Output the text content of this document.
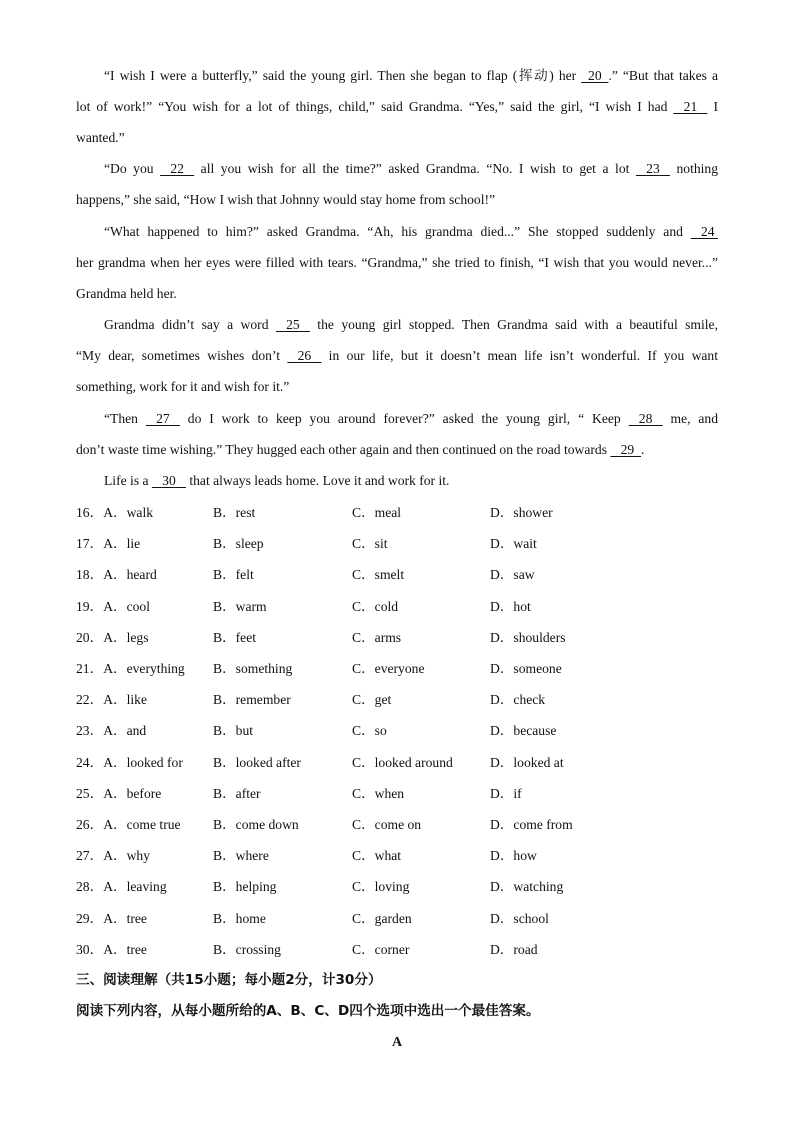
“I wish I were a butterfly,” said the young girl. Then she began to flap (挥动) her   20 .” “But that takes a
lot of work!” “You wish for a lot of things, child,” said Grandma. “Yes,” said the girl, “I wish I had    21    I
wanted.”
“Do you    22    all you wish for all the time?” asked Grandma. “No. I wish to get a lot    23    nothing
happens,” she said, “How I wish that Johnny would stay home from school!”
“What happened to him?” asked Grandma. “Ah, his grandma died...” She stopped suddenly and    24
her grandma when her eyes were filled with tears. “Grandma,” she tried to finish, “I wish that you would never...”
Grandma held her.
Grandma didn’t say a word    25    the young girl stopped. Then Grandma said with a beautiful smile,
“My dear, sometimes wishes don’t    26    in our life, but it doesn’t mean life isn’t wonderful. If you want
something, work for it and wish for it.”
“Then    27    do I work to keep you around forever?” asked the young girl, “ Keep    28    me, and
don’t waste time wishing.” They hugged each other again and then continued on the road towards    29 .
Life is a    30    that always leads home. Love it and work for it.
16．A．walk	B．rest	C．meal	D．shower
17．A．lie	B．sleep	C．sit	D．wait
18．A．heard	B．felt	C．smelt	D．saw
19．A．cool	B．warm	C．cold	D．hot
20．A．legs	B．feet	C．arms	D．shoulders
21．A．everything B．something	C．everyone	D．someone
22．A．like	B．remember	C．get	D．check
23．A．and	B．but	C．so	D．because
24．A．looked for B．looked after	C．looked around	D．looked at
25．A．before	B．after	C．when	D．if
26．A．come true B．come down	C．come on	D．come from
27．A．why	B．where	C．what	D．how
28．A．leaving	B．helping	C．loving	D．watching
29．A．tree	B．home	C．garden	D．school
30．A．tree	B．crossing	C．corner	D．road
三、阅读理解（共15小题；每小题2分，计30分）
阅读下列内容，从每小题所给的A、B、C、D四个选项中选出一个最佳答案。
A
